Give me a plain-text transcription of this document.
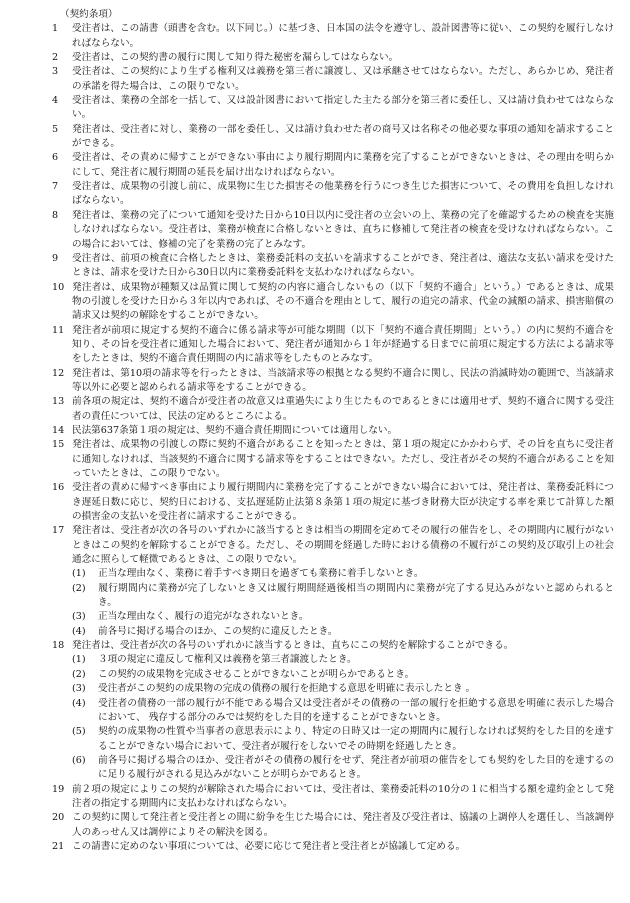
（契約条項）
1 受注者は、この請書（頭書を含む。以下同じ。）に基づき、日本国の法令を遵守し、設計図書等に従い、この契約を履行しなければならない。
2 受注者は、この契約書の履行に関して知り得た秘密を漏らしてはならない。
3 受注者は、この契約により生ずる権利又は義務を第三者に譲渡し、又は承継させてはならない。ただし、あらかじめ、発注者の承諾を得た場合は、この限りでない。
4 受注者は、業務の全部を一括して、又は設計図書において指定した主たる部分を第三者に委任し、又は請け負わせてはならない。
5 発注者は、受注者に対し、業務の一部を委任し、又は請け負わせた者の商号又は名称その他必要な事項の通知を請求することができる。
6 受注者は、その責めに帰すことができない事由により履行期間内に業務を完了することができないときは、その理由を明らかにして、発注者に履行期間の延長を届け出なければならない。
7 受注者は、成果物の引渡し前に、成果物に生じた損害その他業務を行うにつき生じた損害について、その費用を負担しなければならない。
8 発注者は、業務の完了について通知を受けた日から10日以内に受注者の立会いの上、業務の完了を確認するための検査を実施しなければならない。受注者は、業務が検査に合格しないときは、直ちに修補して発注者の検査を受けなければならない。この場合においては、修補の完了を業務の完了とみなす。
9 受注者は、前項の検査に合格したときは、業務委託料の支払いを請求することができ、発注者は、適法な支払い請求を受けたときは、請求を受けた日から30日以内に業務委託料を支払わなければならない。
10 発注者は、成果物が種類又は品質に関して契約の内容に適合しないもの（以下「契約不適合」という。）であるときは、成果物の引渡しを受けた日から３年以内であれば、その不適合を理由として、履行の追完の請求、代金の減額の請求、損害賠償の請求又は契約の解除をすることができない。
11 発注者が前項に規定する契約不適合に係る請求等が可能な期間（以下「契約不適合責任期間」という。）の内に契約不適合を知り、その旨を受注者に通知した場合において、発注者が通知から１年が経過する日までに前項に規定する方法による請求等をしたときは、契約不適合責任期間の内に請求等をしたものとみなす。
12 発注者は、第10項の請求等を行ったときは、当該請求等の根拠となる契約不適合に関し、民法の消滅時効の範囲で、当該請求等以外に必要と認められる請求等をすることができる。
13 前各項の規定は、契約不適合が受注者の故意又は重過失により生じたものであるときには適用せず、契約不適合に関する受注者の責任については、民法の定めるところによる。
14 民法第637条第１項の規定は、契約不適合責任期間については適用しない。
15 発注者は、成果物の引渡しの際に契約不適合があることを知ったときは、第１項の規定にかかわらず、その旨を直ちに受注者に通知しなければ、当該契約不適合に関する請求等をすることはできない。ただし、受注者がその契約不適合があることを知っていたときは、この限りでない。
16 受注者の責めに帰すべき事由により履行期間内に業務を完了することができない場合においては、発注者は、業務委託料につき遅延日数に応じ、契約日における、支払遅延防止法第８条第１項の規定に基づき財務大臣が決定する率を乗じて計算した額の損害金の支払いを受注者に請求することができる。
17 発注者は、受注者が次の各号のいずれかに該当するときは相当の期間を定めてその履行の催告をし、その期間内に履行がないときはこの契約を解除することができる。ただし、その期間を経過した時における債務の不履行がこの契約及び取引上の社会通念に照らして軽微であるときは、この限りでない。
(1) 正当な理由なく、業務に着手すべき期日を過ぎても業務に着手しないとき。
(2) 履行期間内に業務が完了しないとき又は履行期間経過後相当の期間内に業務が完了する見込みがないと認められるとき。
(3) 正当な理由なく、履行の追完がなされないとき。
(4) 前各号に掲げる場合のほか、この契約に違反したとき。
18 発注者は、受注者が次の各号のいずれかに該当するときは、直ちにこの契約を解除することができる。
(1) ３項の規定に違反して権利又は義務を第三者譲渡したとき。
(2) この契約の成果物を完成させることができないことが明らかであるとき。
(3) 受注者がこの契約の成果物の完成の債務の履行を拒絶する意思を明確に表示したとき 。
(4) 受注者の債務の一部の履行が不能である場合又は受注者がその債務の一部の履行を拒絶する意思を明確に表示した場合において、 残存する部分のみでは契約をした目的を達することができないとき。
(5) 契約の成果物の性質や当事者の意思表示により、特定の日時又は一定の期間内に履行しなければ契約をした目的を達することができない場合において、受注者が履行をしないでその時期を経過したとき。
(6) 前各号に掲げる場合のほか、受注者がその債務の履行をせず、発注者が前項の催告をしても契約をした目的を達するのに足りる履行がされる見込みがないことが明らかであるとき。
19 前２項の規定によりこの契約が解除された場合においては、受注者は、業務委託料の10分の１に相当する額を違約金として発注者の指定する期間内に支払わなければならない。
20 この契約に関して発注者と受注者との間に紛争を生じた場合には、発注者及び受注者は、協議の上調停人を選任し、当該調停人のあっせん又は調停によりその解決を図る。
21 この請書に定めのない事項については、必要に応じて発注者と受注者とが協議して定める。
